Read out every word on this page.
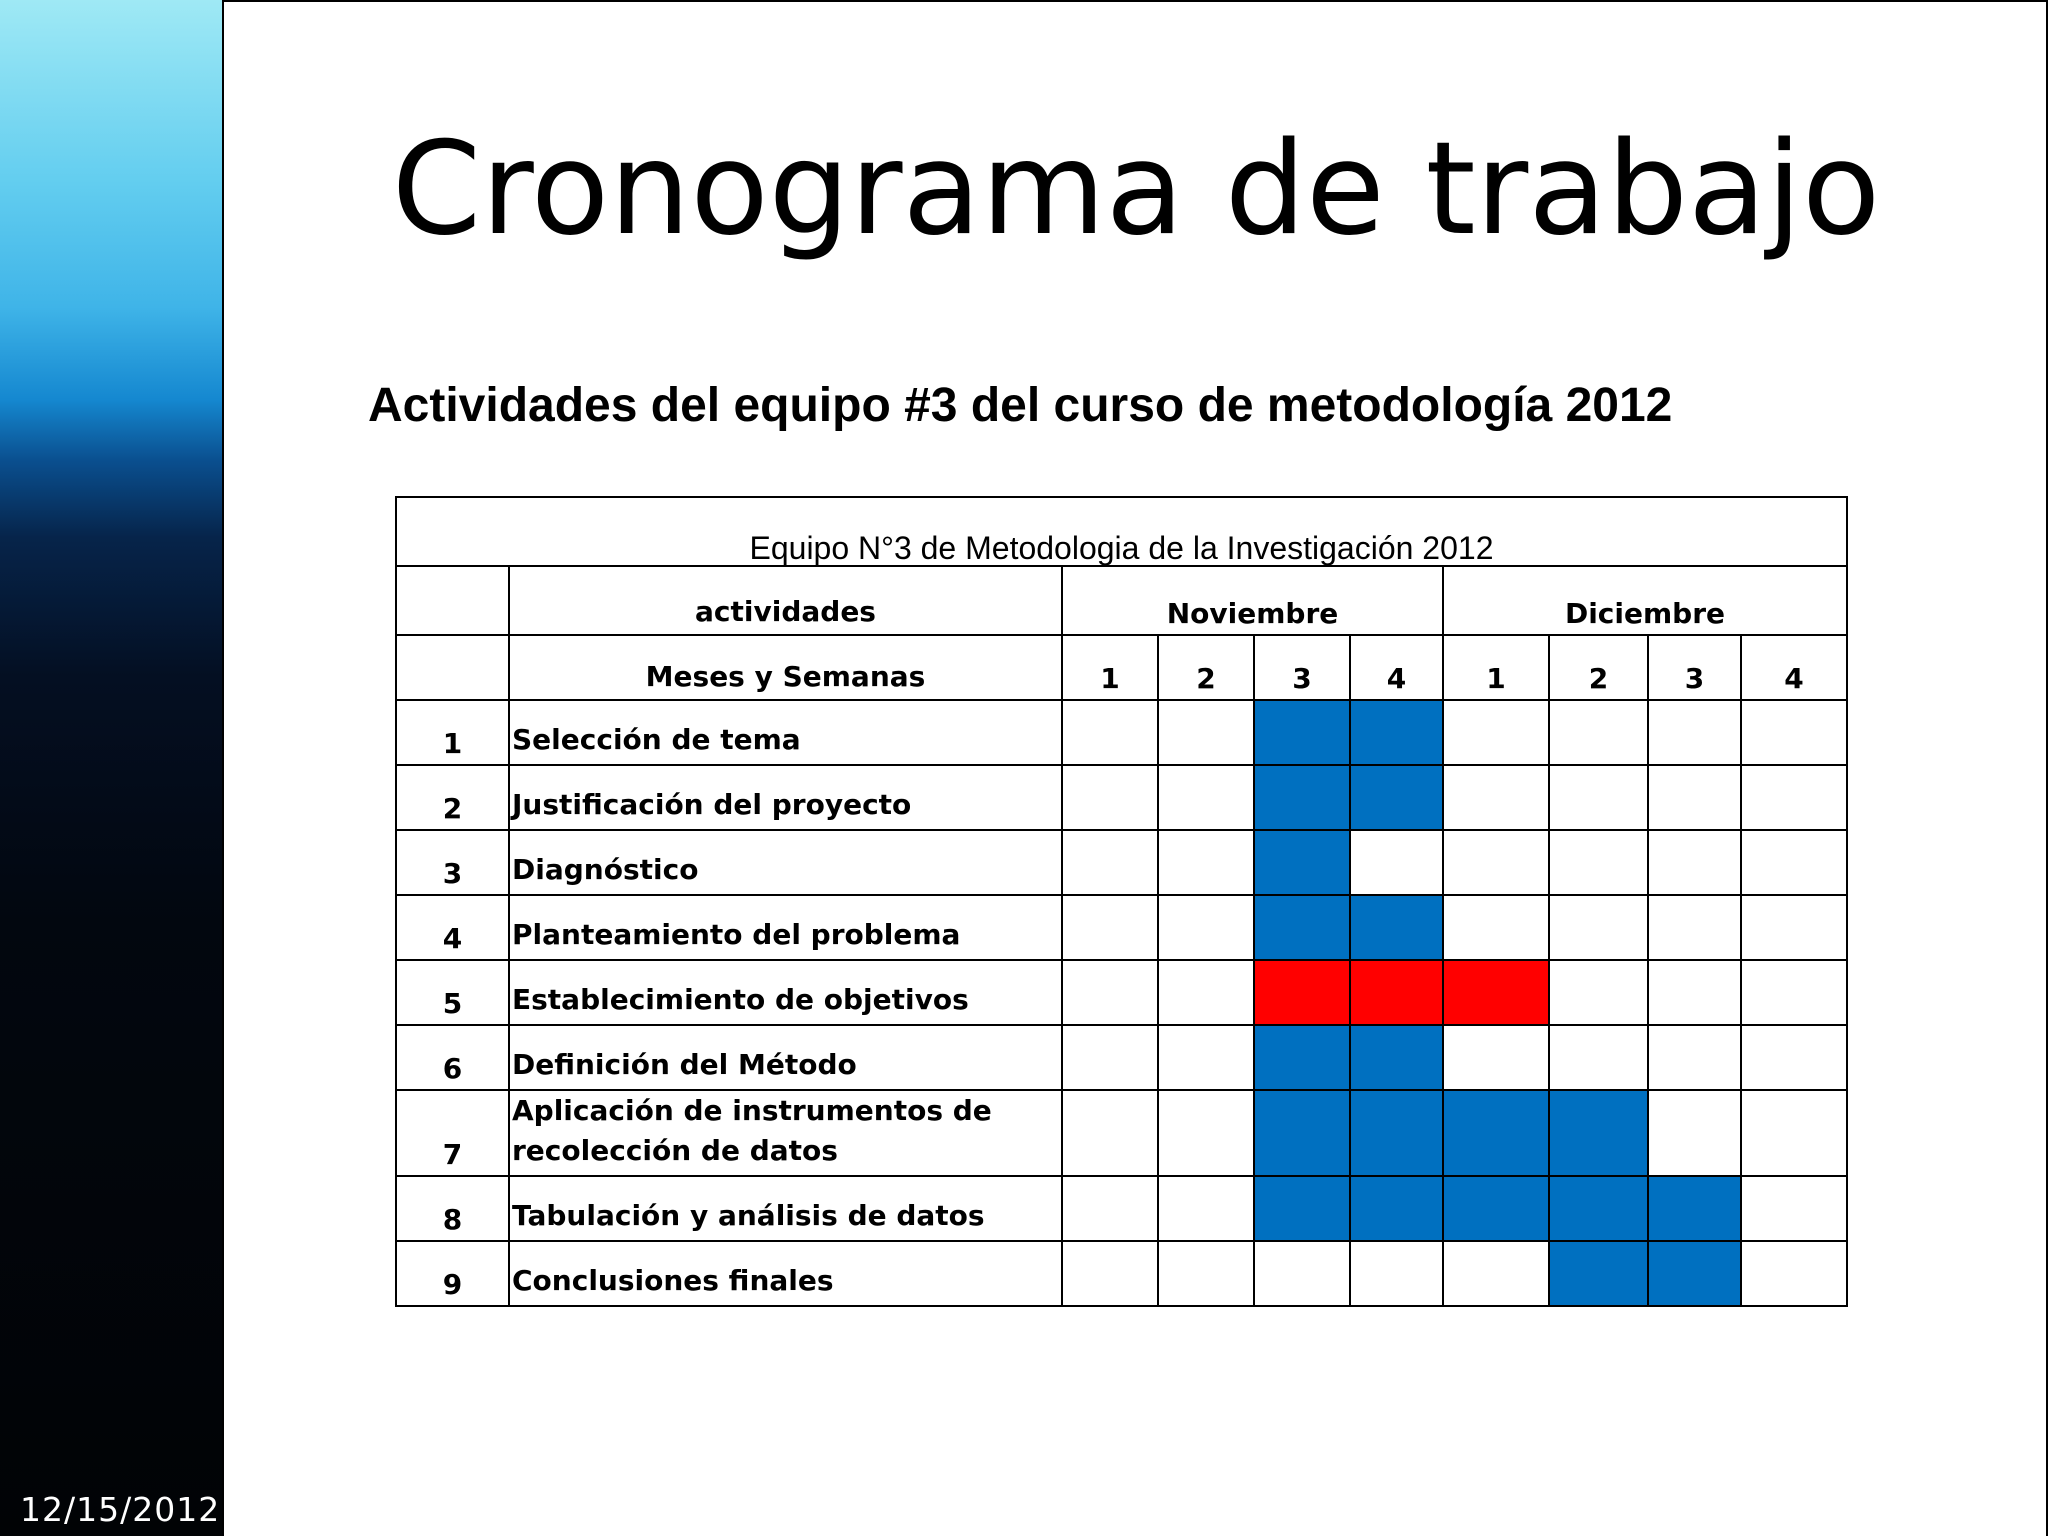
12/15/2012
Cronograma de trabajo
Actividades del equipo #3 del curso de metodología 2012
Equipo N°3 de Metodologia de la Investigación 2012									
	actividades	Noviembre				Diciembre			
	Meses y Semanas	1	2	3	4	1	2	3	4
1	Selección de tema								
2	Justificación del proyecto								
3	Diagnóstico								
4	Planteamiento del problema								
5	Establecimiento de objetivos								
6	Definición del Método								
7	Aplicación de instrumentos de
recolección de datos								
8	Tabulación y análisis de datos								
9	Conclusiones finales								
